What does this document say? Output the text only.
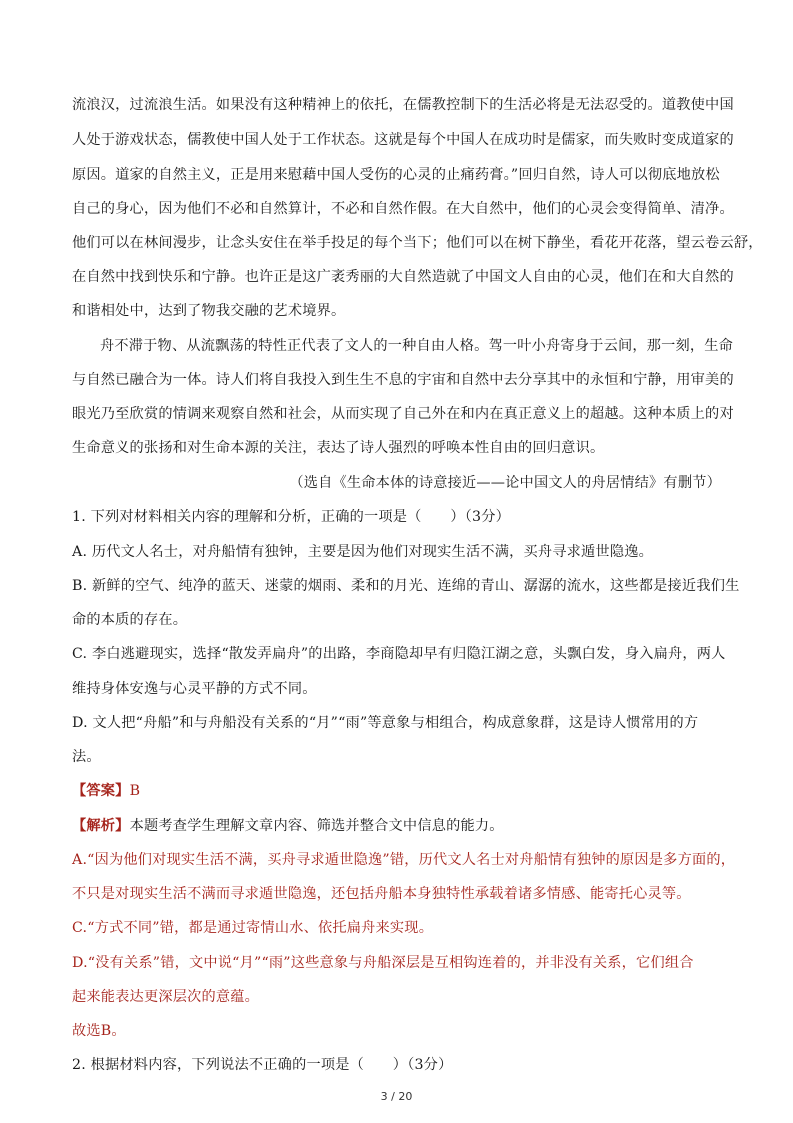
流浪汉，过流浪生活。如果没有这种精神上的依托，在儒教控制下的生活必将是无法忍受的。道教使中国
人处于游戏状态，儒教使中国人处于工作状态。这就是每个中国人在成功时是儒家，而失败时变成道家的
原因。道家的自然主义，正是用来慰藉中国人受伤的心灵的止痛药膏。”回归自然，诗人可以彻底地放松
自己的身心，因为他们不必和自然算计，不必和自然作假。在大自然中，他们的心灵会变得简单、清净。
他们可以在林间漫步，让念头安住在举手投足的每个当下；他们可以在树下静坐，看花开花落，望云卷云舒，
在自然中找到快乐和宁静。也许正是这广袤秀丽的大自然造就了中国文人自由的心灵，他们在和大自然的
和谐相处中，达到了物我交融的艺术境界。
舟不滞于物、从流飘荡的特性正代表了文人的一种自由人格。驾一叶小舟寄身于云间，那一刻，生命
与自然已融合为一体。诗人们将自我投入到生生不息的宇宙和自然中去分享其中的永恒和宁静，用审美的
眼光乃至欣赏的情调来观察自然和社会，从而实现了自己外在和内在真正意义上的超越。这种本质上的对
生命意义的张扬和对生命本源的关注，表达了诗人强烈的呼唤本性自由的回归意识。
（选自《生命本体的诗意接近——论中国文人的舟居情结》有删节）
1. 下列对材料相关内容的理解和分析，正确的一项是（　　）（3分）
A. 历代文人名士，对舟船情有独钟，主要是因为他们对现实生活不满，买舟寻求遁世隐逸。
B. 新鲜的空气、纯净的蓝天、迷蒙的烟雨、柔和的月光、连绵的青山、潺潺的流水，这些都是接近我们生
命的本质的存在。
C. 李白逃避现实，选择“散发弄扁舟”的出路，李商隐却早有归隐江湖之意，头飘白发，身入扁舟，两人
维持身体安逸与心灵平静的方式不同。
D. 文人把“舟船”和与舟船没有关系的“月”“雨”等意象与相组合，构成意象群，这是诗人惯常用的方
法。
【答案】B
【解析】本题考查学生理解文章内容、筛选并整合文中信息的能力。
A.“因为他们对现实生活不满，买舟寻求遁世隐逸”错，历代文人名士对舟船情有独钟的原因是多方面的，
不只是对现实生活不满而寻求遁世隐逸，还包括舟船本身独特性承载着诸多情感、能寄托心灵等。
C.“方式不同”错，都是通过寄情山水、依托扁舟来实现。
D.“没有关系”错，文中说“月”“雨”这些意象与舟船深层是互相钩连着的，并非没有关系，它们组合
起来能表达更深层次的意蕴。
故选B。
2. 根据材料内容，下列说法不正确的一项是（　　）（3分）
3 / 20
